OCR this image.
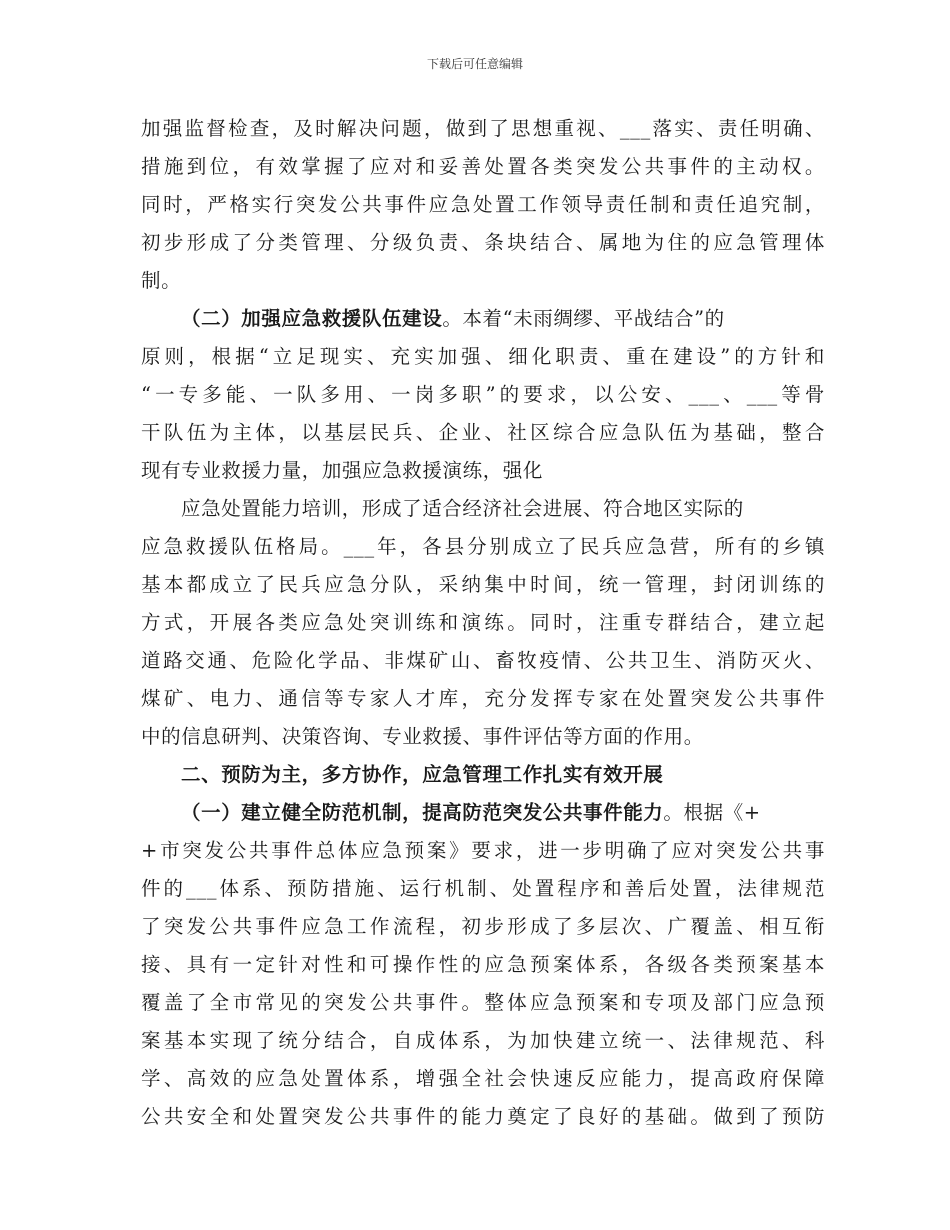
下载后可任意编辑
加强监督检查，及时解决问题，做到了思想重视、___落实、责任明确、
措施到位，有效掌握了应对和妥善处置各类突发公共事件的主动权。
同时，严格实行突发公共事件应急处置工作领导责任制和责任追究制，
初步形成了分类管理、分级负责、条块结合、属地为住的应急管理体
制。
（二）加强应急救援队伍建设。本着“未雨绸缪、平战结合”的
原则，根据“立足现实、充实加强、细化职责、重在建设”的方针和
“一专多能、一队多用、一岗多职”的要求，以公安、___、___等骨
干队伍为主体，以基层民兵、企业、社区综合应急队伍为基础，整合
现有专业救援力量，加强应急救援演练，强化
应急处置能力培训，形成了适合经济社会进展、符合地区实际的
应急救援队伍格局。___年，各县分别成立了民兵应急营，所有的乡镇
基本都成立了民兵应急分队，采纳集中时间，统一管理，封闭训练的
方式，开展各类应急处突训练和演练。同时，注重专群结合，建立起
道路交通、危险化学品、非煤矿山、畜牧疫情、公共卫生、消防灭火、
煤矿、电力、通信等专家人才库，充分发挥专家在处置突发公共事件
中的信息研判、决策咨询、专业救援、事件评估等方面的作用。
二、预防为主，多方协作，应急管理工作扎实有效开展
（一）建立健全防范机制，提高防范突发公共事件能力。根据《+
+市突发公共事件总体应急预案》要求，进一步明确了应对突发公共事
件的___体系、预防措施、运行机制、处置程序和善后处置，法律规范
了突发公共事件应急工作流程，初步形成了多层次、广覆盖、相互衔
接、具有一定针对性和可操作性的应急预案体系，各级各类预案基本
覆盖了全市常见的突发公共事件。整体应急预案和专项及部门应急预
案基本实现了统分结合，自成体系，为加快建立统一、法律规范、科
学、高效的应急处置体系，增强全社会快速反应能力，提高政府保障
公共安全和处置突发公共事件的能力奠定了良好的基础。做到了预防
